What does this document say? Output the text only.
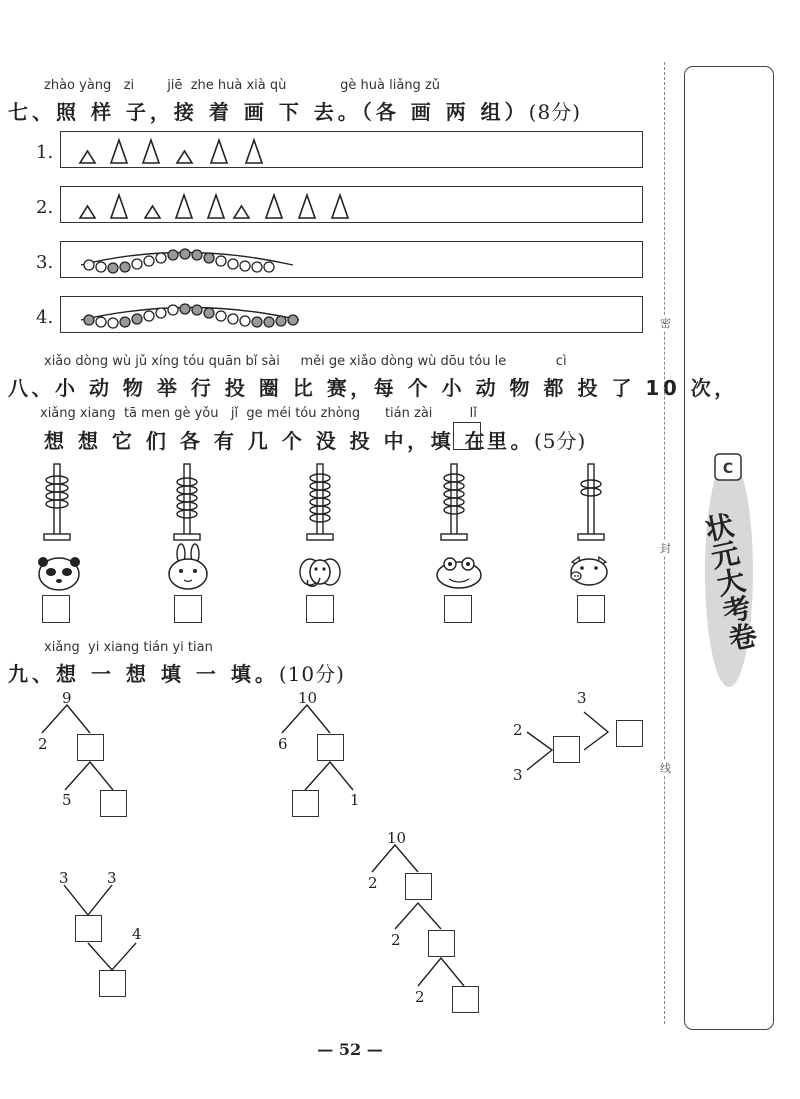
zhào yàng zi	jiē zhe huà xià qù	gè huà liǎng zǔ
七、照 样 子，接 着 画 下 去。（各 画 两 组）(8分)
1.
2.
3.
4.
xiǎo dòng wù jǔ xíng tóu quān bǐ sài měi ge xiǎo dòng wù dōu tóu le	cì
八、小 动 物 举 行 投 圈 比 赛，每 个 小 动 物 都 投 了 10 次，
xiǎng xiang tā men gè yǒu jǐ ge méi tóu zhòng tián zài	lǐ
想 想 它 们 各 有 几 个 没 投 中，填 在
里。(5分)
xiǎng yi xiang tián yi tian
九、想 一 想 填 一 填。(10分)
9
2
5
10
6
1
3
2
3
3	3
4
10
2
2
2
密
封
线
C
状元大考卷
— 52 —
